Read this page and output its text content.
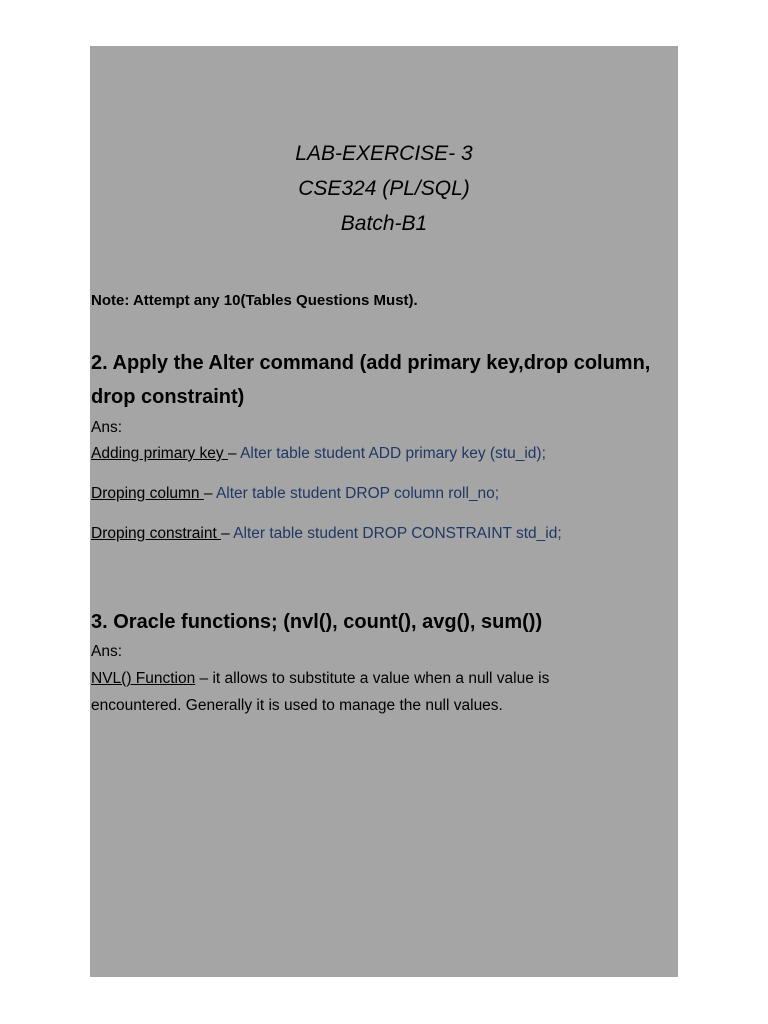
LAB-EXERCISE- 3
CSE324 (PL/SQL)
Batch-B1
Note: Attempt any 10(Tables Questions Must).
2. Apply the Alter command (add primary key,drop column,
drop constraint)
Ans:
Adding primary key – Alter table student ADD primary key (stu_id);
Droping column – Alter table student DROP column roll_no;
Droping constraint – Alter table student DROP CONSTRAINT std_id;
3. Oracle functions; (nvl(), count(), avg(), sum())
Ans:
NVL() Function – it allows to substitute a value when a null value is
encountered. Generally it is used to manage the null values.
